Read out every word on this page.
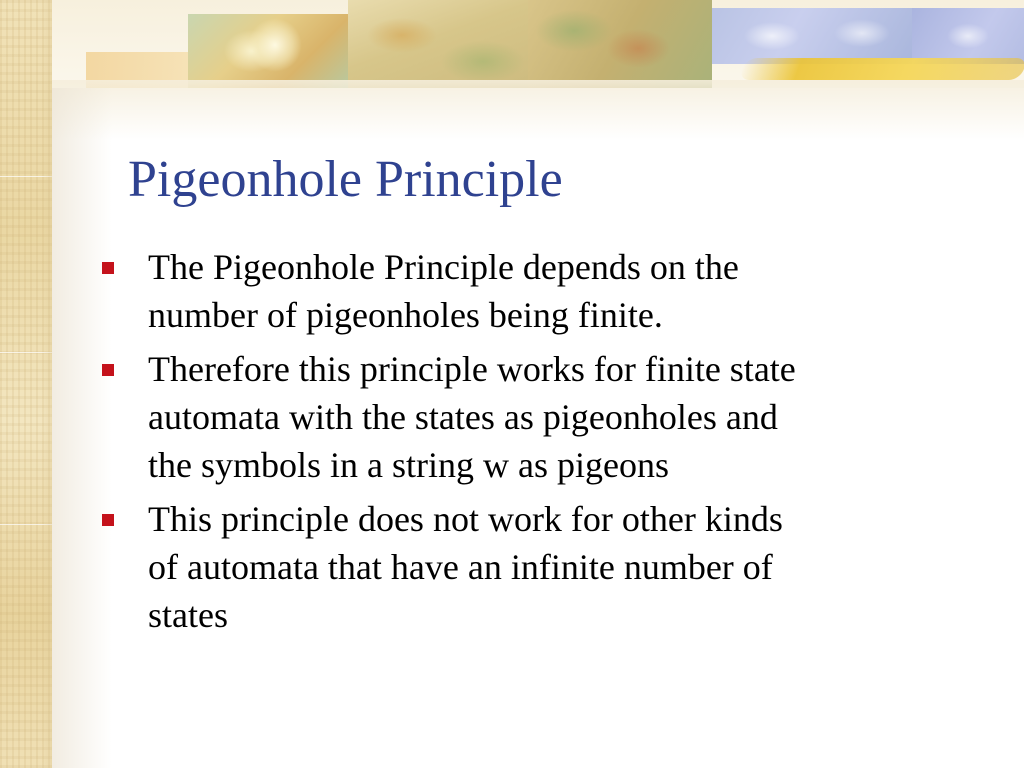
Pigeonhole Principle
The Pigeonhole Principle depends on the
number of pigeonholes being finite.
Therefore this principle works for finite state
automata with the states as pigeonholes and
the symbols in a string w as pigeons
This principle does not work for other kinds
of automata that have an infinite number of
states
